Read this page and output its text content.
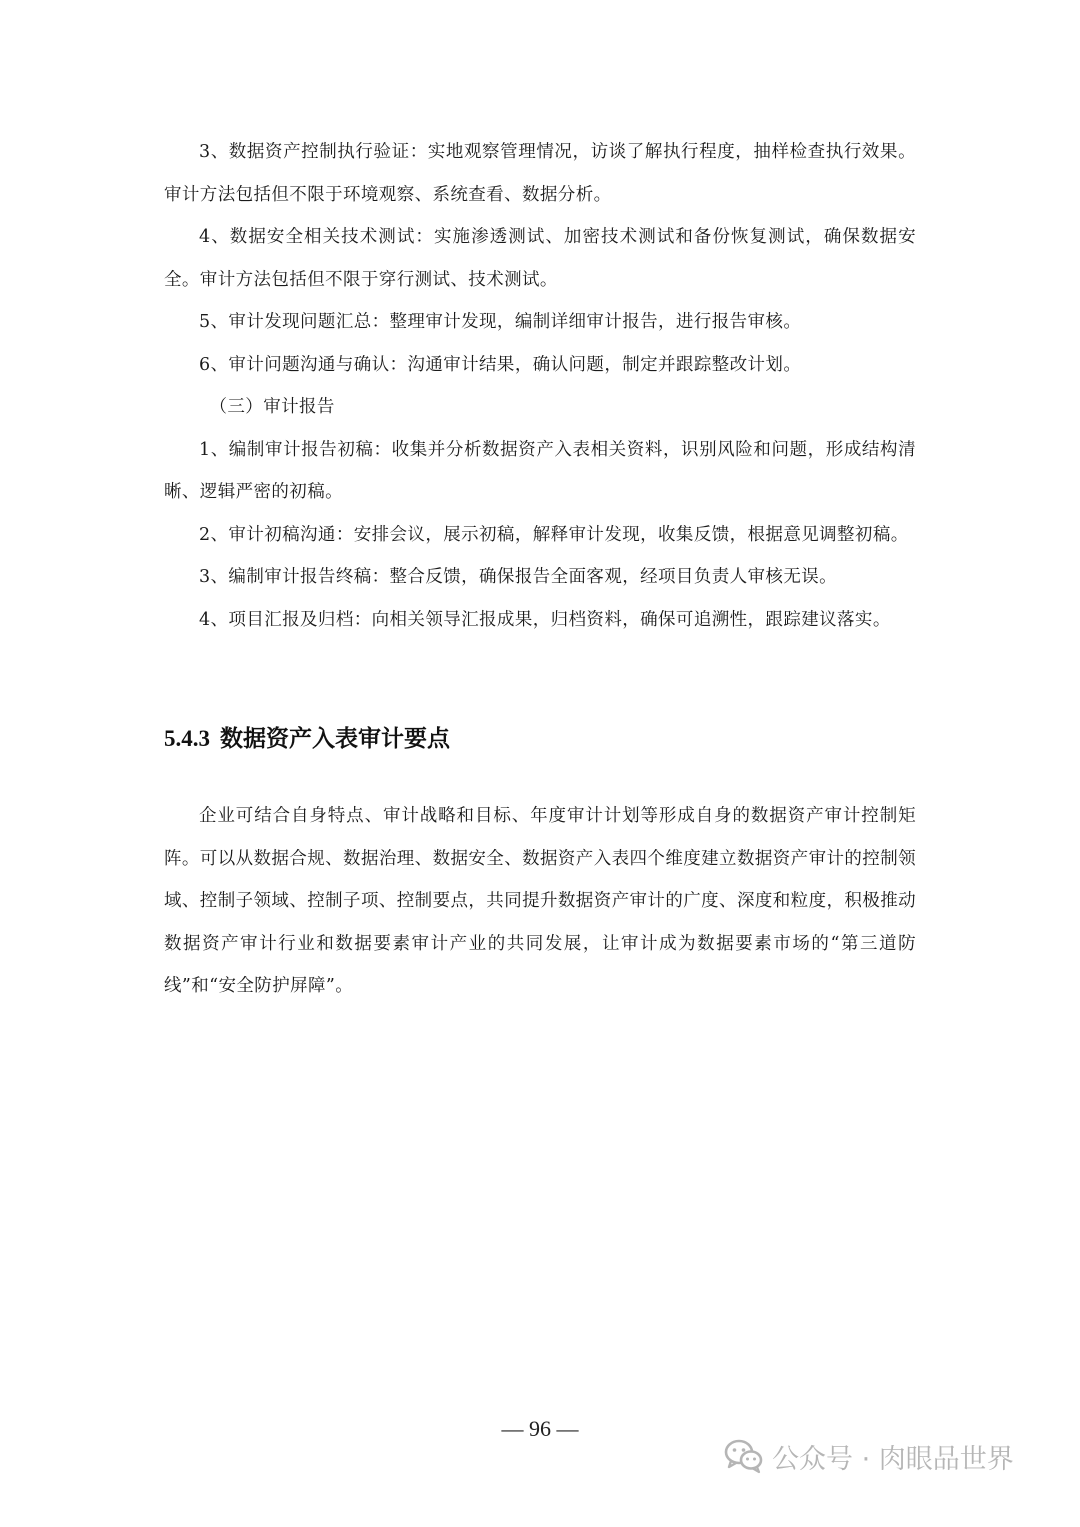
3、数据资产控制执行验证：实地观察管理情况，访谈了解执行程度，抽样检查执行效果。审计方法包括但不限于环境观察、系统查看、数据分析。

4、数据安全相关技术测试：实施渗透测试、加密技术测试和备份恢复测试，确保数据安全。审计方法包括但不限于穿行测试、技术测试。

5、审计发现问题汇总：整理审计发现，编制详细审计报告，进行报告审核。

6、审计问题沟通与确认：沟通审计结果，确认问题，制定并跟踪整改计划。

（三）审计报告

1、编制审计报告初稿：收集并分析数据资产入表相关资料，识别风险和问题，形成结构清晰、逻辑严密的初稿。

2、审计初稿沟通：安排会议，展示初稿，解释审计发现，收集反馈，根据意见调整初稿。

3、编制审计报告终稿：整合反馈，确保报告全面客观，经项目负责人审核无误。

4、项目汇报及归档：向相关领导汇报成果，归档资料，确保可追溯性，跟踪建议落实。

5.4.3 数据资产入表审计要点

企业可结合自身特点、审计战略和目标、年度审计计划等形成自身的数据资产审计控制矩阵。可以从数据合规、数据治理、数据安全、数据资产入表四个维度建立数据资产审计的控制领域、控制子领域、控制子项、控制要点，共同提升数据资产审计的广度、深度和粒度，积极推动数据资产审计行业和数据要素审计产业的共同发展，让审计成为数据要素市场的“第三道防线”和“安全防护屏障”。

— 96 —
公众号 · 肉眼品世界
